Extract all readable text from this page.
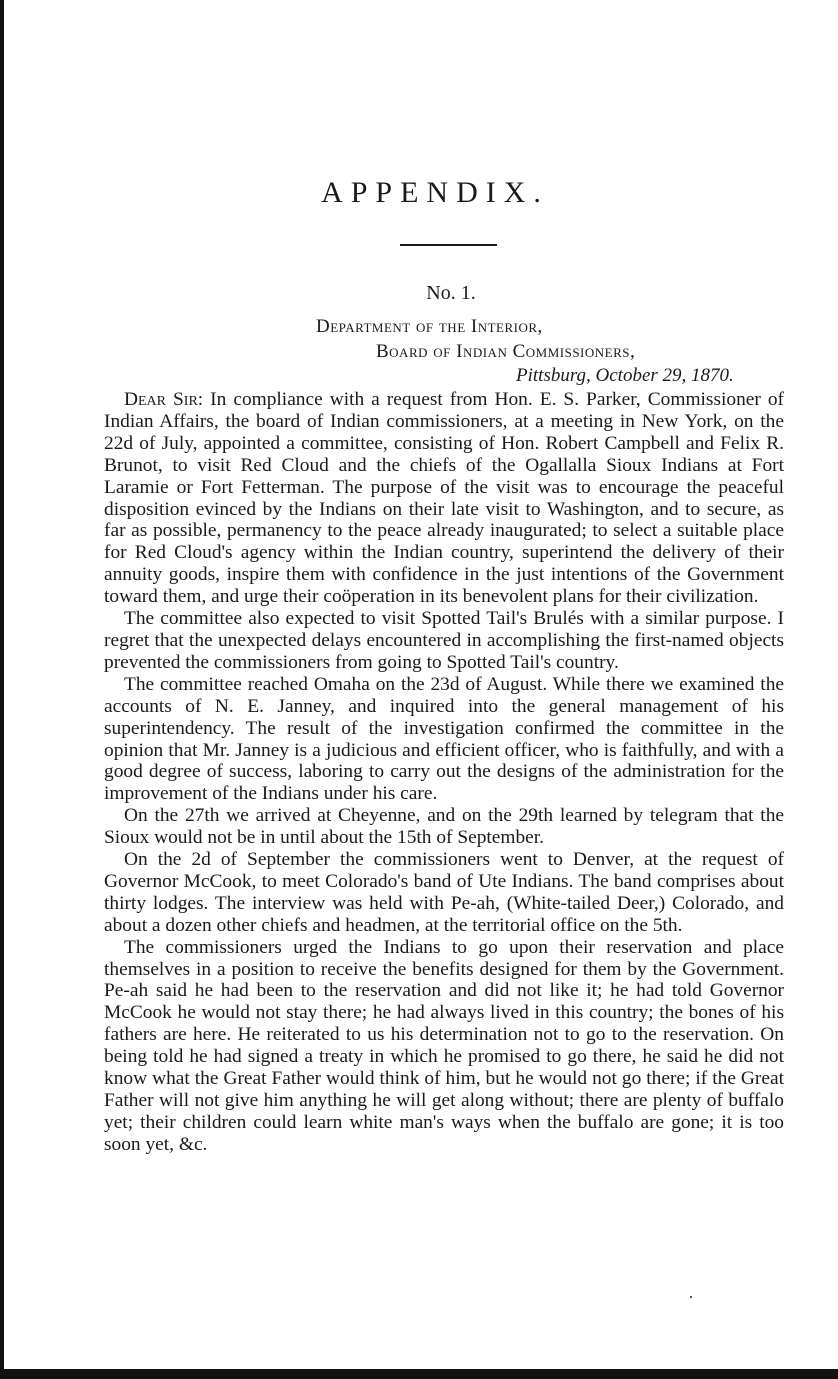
APPENDIX.
No. 1.
Department of the Interior,
Board of Indian Commissioners,
Pittsburg, October 29, 1870.

Dear Sir: In compliance with a request from Hon. E. S. Parker, Commissioner of Indian Affairs, the board of Indian commissioners, at a meeting in New York, on the 22d of July, appointed a committee, consisting of Hon. Robert Campbell and Felix R. Brunot, to visit Red Cloud and the chiefs of the Ogallalla Sioux Indians at Fort Laramie or Fort Fetterman. The purpose of the visit was to encourage the peaceful disposition evinced by the Indians on their late visit to Washington, and to secure, as far as possible, permanency to the peace already inaugurated; to select a suitable place for Red Cloud's agency within the Indian country, superintend the delivery of their annuity goods, inspire them with confidence in the just intentions of the Government toward them, and urge their coöperation in its benevolent plans for their civilization.

The committee also expected to visit Spotted Tail's Brulés with a similar purpose. I regret that the unexpected delays encountered in accomplishing the first-named objects prevented the commissioners from going to Spotted Tail's country.

The committee reached Omaha on the 23d of August. While there we examined the accounts of N. E. Janney, and inquired into the general management of his superintendency. The result of the investigation confirmed the committee in the opinion that Mr. Janney is a judicious and efficient officer, who is faithfully, and with a good degree of success, laboring to carry out the designs of the administration for the improvement of the Indians under his care.

On the 27th we arrived at Cheyenne, and on the 29th learned by telegram that the Sioux would not be in until about the 15th of September.

On the 2d of September the commissioners went to Denver, at the request of Governor McCook, to meet Colorado's band of Ute Indians. The band comprises about thirty lodges. The interview was held with Pe-ah, (White-tailed Deer,) Colorado, and about a dozen other chiefs and headmen, at the territorial office on the 5th.

The commissioners urged the Indians to go upon their reservation and place themselves in a position to receive the benefits designed for them by the Government. Pe-ah said he had been to the reservation and did not like it; he had told Governor McCook he would not stay there; he had always lived in this country; the bones of his fathers are here. He reiterated to us his determination not to go to the reservation. On being told he had signed a treaty in which he promised to go there, he said he did not know what the Great Father would think of him, but he would not go there; if the Great Father will not give him anything he will get along without; there are plenty of buffalo yet; their children could learn white man's ways when the buffalo are gone; it is too soon yet, &c.
